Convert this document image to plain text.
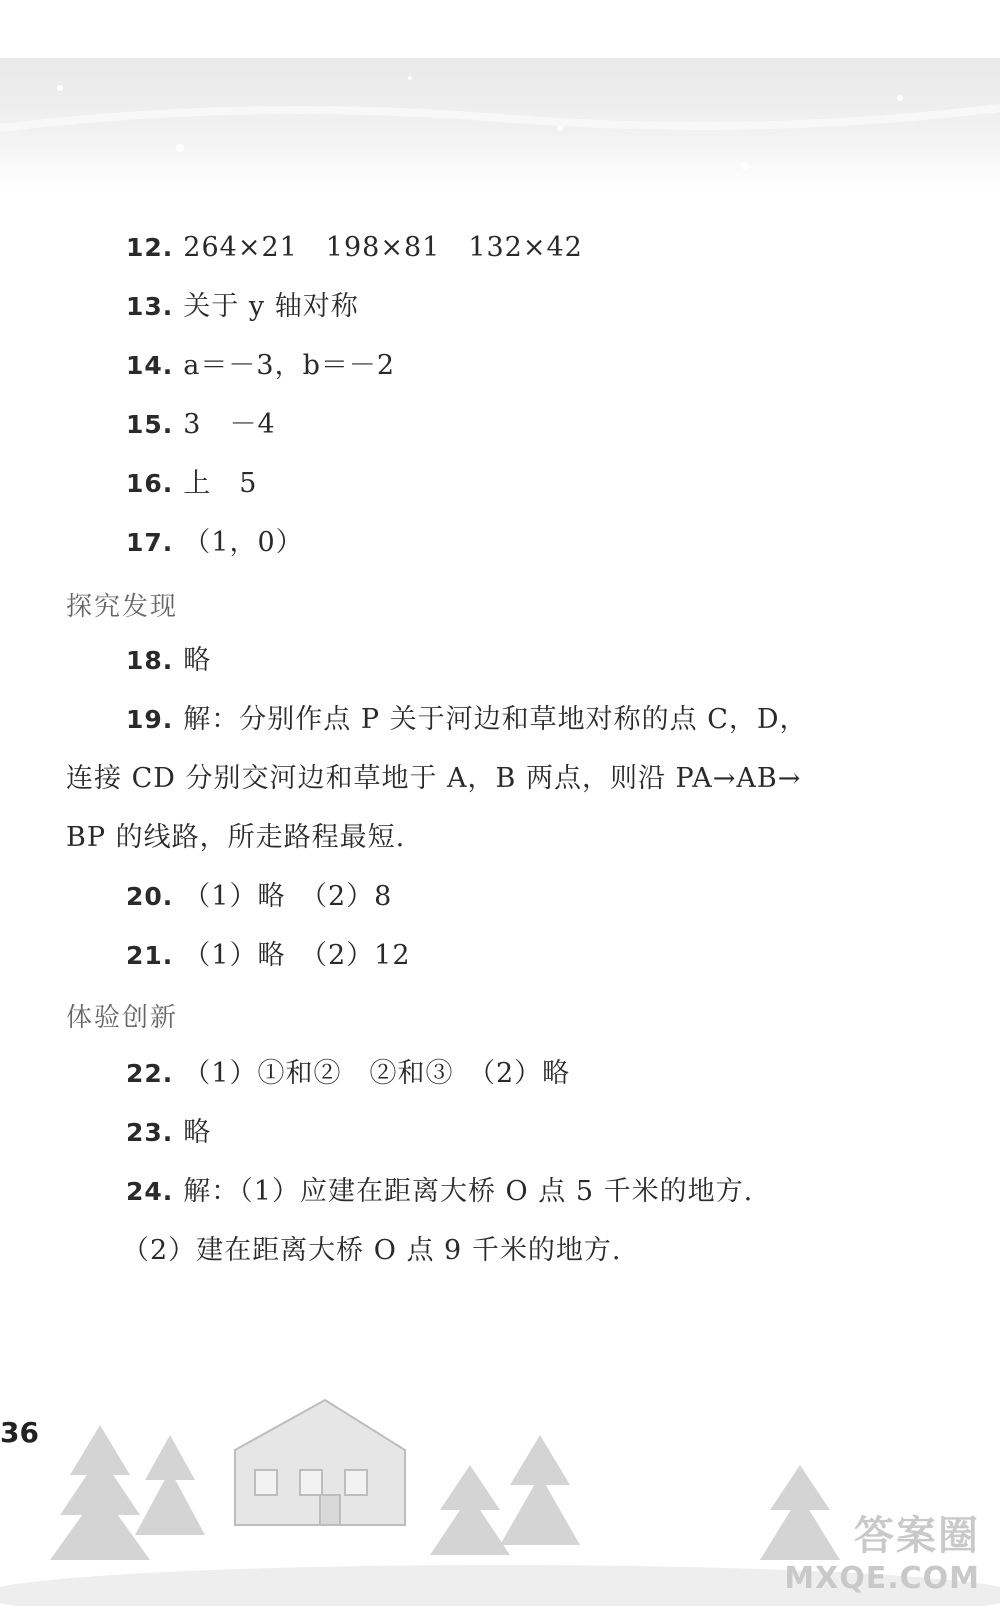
12. 264×21　198×81　132×42
13. 关于 y 轴对称
14. a＝－3，b＝－2
15. 3　－4
16. 上　5
17. （1，0）
探究发现
18. 略
19. 解：分别作点 P 关于河边和草地对称的点 C，D，
连接 CD 分别交河边和草地于 A，B 两点，则沿 PA→AB→
BP 的线路，所走路程最短.
20. （1）略　（2）8
21. （1）略　（2）12
体验创新
22. （1）①和②　②和③　（2）略
23. 略
24. 解：（1）应建在距离大桥 O 点 5 千米的地方.
（2）建在距离大桥 O 点 9 千米的地方.
36
答案圈
MXQE.COM
